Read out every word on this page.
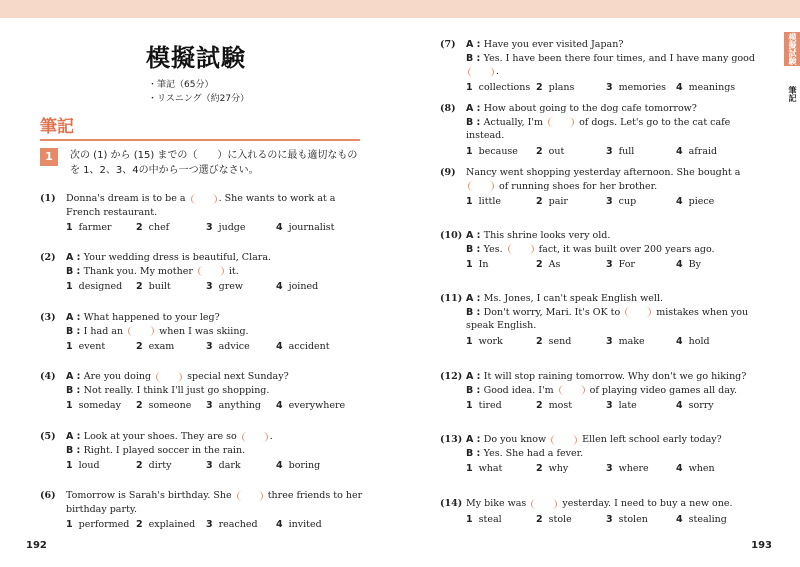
模擬試験
筆記
模擬試験
・筆記（65分）
・リスニング（約27分）
筆記
1	次の (1) から (15) までの（　　）に入れるのに最も適切なものを 1、2、3、4の中から一つ選びなさい。
(1) Donna's dream is to be a	. She wants to work at a French restaurant.
1 farmer	2 chef	3 judge	4 journalist
(2) A : Your wedding dress is beautiful, Clara.
B : Thank you. My mother	it.
1 designed	2 built	3 grew	4 joined
(3) A : What happened to your leg?
B : I had an	when I was skiing.
1 event	2 exam	3 advice	4 accident
(4) A : Are you doing	special next Sunday?
B : Not really. I think I'll just go shopping.
1 someday	2 someone	3 anything	4 everywhere
(5) A : Look at your shoes. They are so	.
B : Right. I played soccer in the rain.
1 loud	2 dirty	3 dark	4 boring
(6) Tomorrow is Sarah's birthday. She	three friends to her birthday party.
1 performed 2 explained	3 reached	4 invited
(7) A : Have you ever visited Japan?
B : Yes. I have been there four times, and I have many good .
1 collections 2 plans	3 memories	4 meanings
(8) A : How about going to the dog cafe tomorrow?
B : Actually, I'm	of dogs. Let's go to the cat cafe instead.
1 because	2 out	3 full	4 afraid
(9) Nancy went shopping yesterday afternoon. She bought a  of running shoes for her brother.
1 little	2 pair	3 cup	4 piece
(10) A : This shrine looks very old.
B : Yes.	fact, it was built over 200 years ago.
1 In	2 As	3 For	4 By
(11) A : Ms. Jones, I can't speak English well.
B : Don't worry, Mari. It's OK to	mistakes when you speak English.
1 work	2 send	3 make	4 hold
(12) A : It will stop raining tomorrow. Why don't we go hiking?
B : Good idea. I'm	of playing video games all day.
1 tired	2 most	3 late	4 sorry
(13) A : Do you know	Ellen left school early today?
B : Yes. She had a fever.
1 what	2 why	3 where	4 when
(14) My bike was	yesterday. I need to buy a new one.
1 steal	2 stole	3 stolen	4 stealing
192	193
